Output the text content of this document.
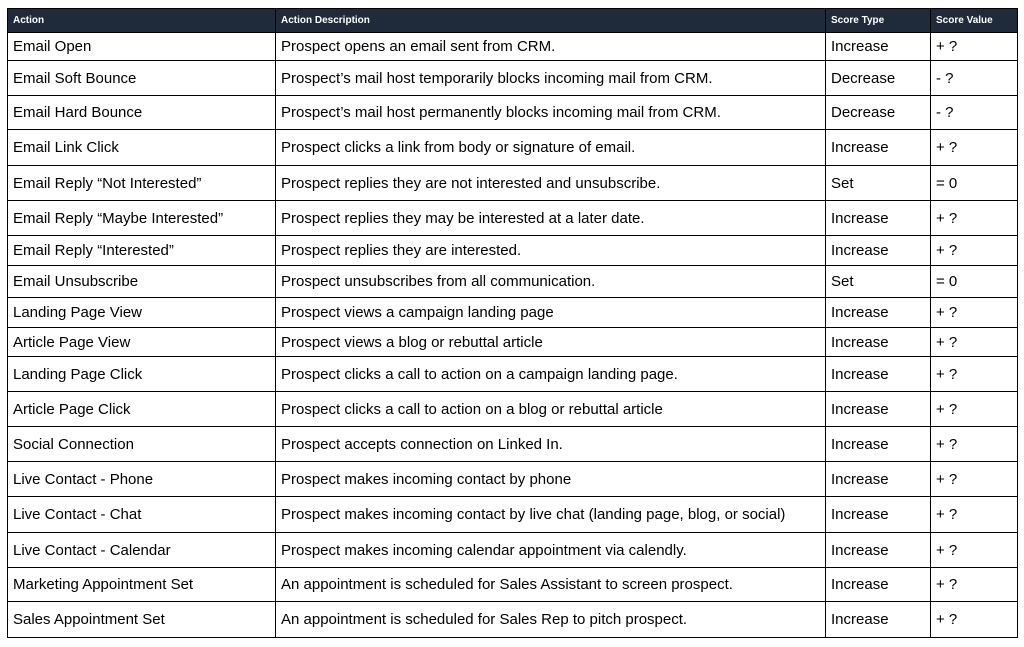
Action	Action Description	Score Type	Score Value
Email Open	Prospect opens an email sent from CRM.	Increase	+ ?
Email Soft Bounce	Prospect’s mail host temporarily blocks incoming mail from CRM.	Decrease	- ?
Email Hard Bounce	Prospect’s mail host permanently blocks incoming mail from CRM.	Decrease	- ?
Email Link Click	Prospect clicks a link from body or signature of email.	Increase	+ ?
Email Reply “Not Interested”	Prospect replies they are not interested and unsubscribe.	Set	= 0
Email Reply “Maybe Interested”	Prospect replies they may be interested at a later date.	Increase	+ ?
Email Reply “Interested”	Prospect replies they are interested.	Increase	+ ?
Email Unsubscribe	Prospect unsubscribes from all communication.	Set	= 0
Landing Page View	Prospect views a campaign landing page	Increase	+ ?
Article Page View	Prospect views a blog or rebuttal article	Increase	+ ?
Landing Page Click	Prospect clicks a call to action on a campaign landing page.	Increase	+ ?
Article Page Click	Prospect clicks a call to action on a blog or rebuttal article	Increase	+ ?
Social Connection	Prospect accepts connection on Linked In.	Increase	+ ?
Live Contact - Phone	Prospect makes incoming contact by phone	Increase	+ ?
Live Contact - Chat	Prospect makes incoming contact by live chat (landing page, blog, or social)	Increase	+ ?
Live Contact - Calendar	Prospect makes incoming calendar appointment via calendly.	Increase	+ ?
Marketing Appointment Set	An appointment is scheduled for Sales Assistant to screen prospect.	Increase	+ ?
Sales Appointment Set	An appointment is scheduled for Sales Rep to pitch prospect.	Increase	+ ?
